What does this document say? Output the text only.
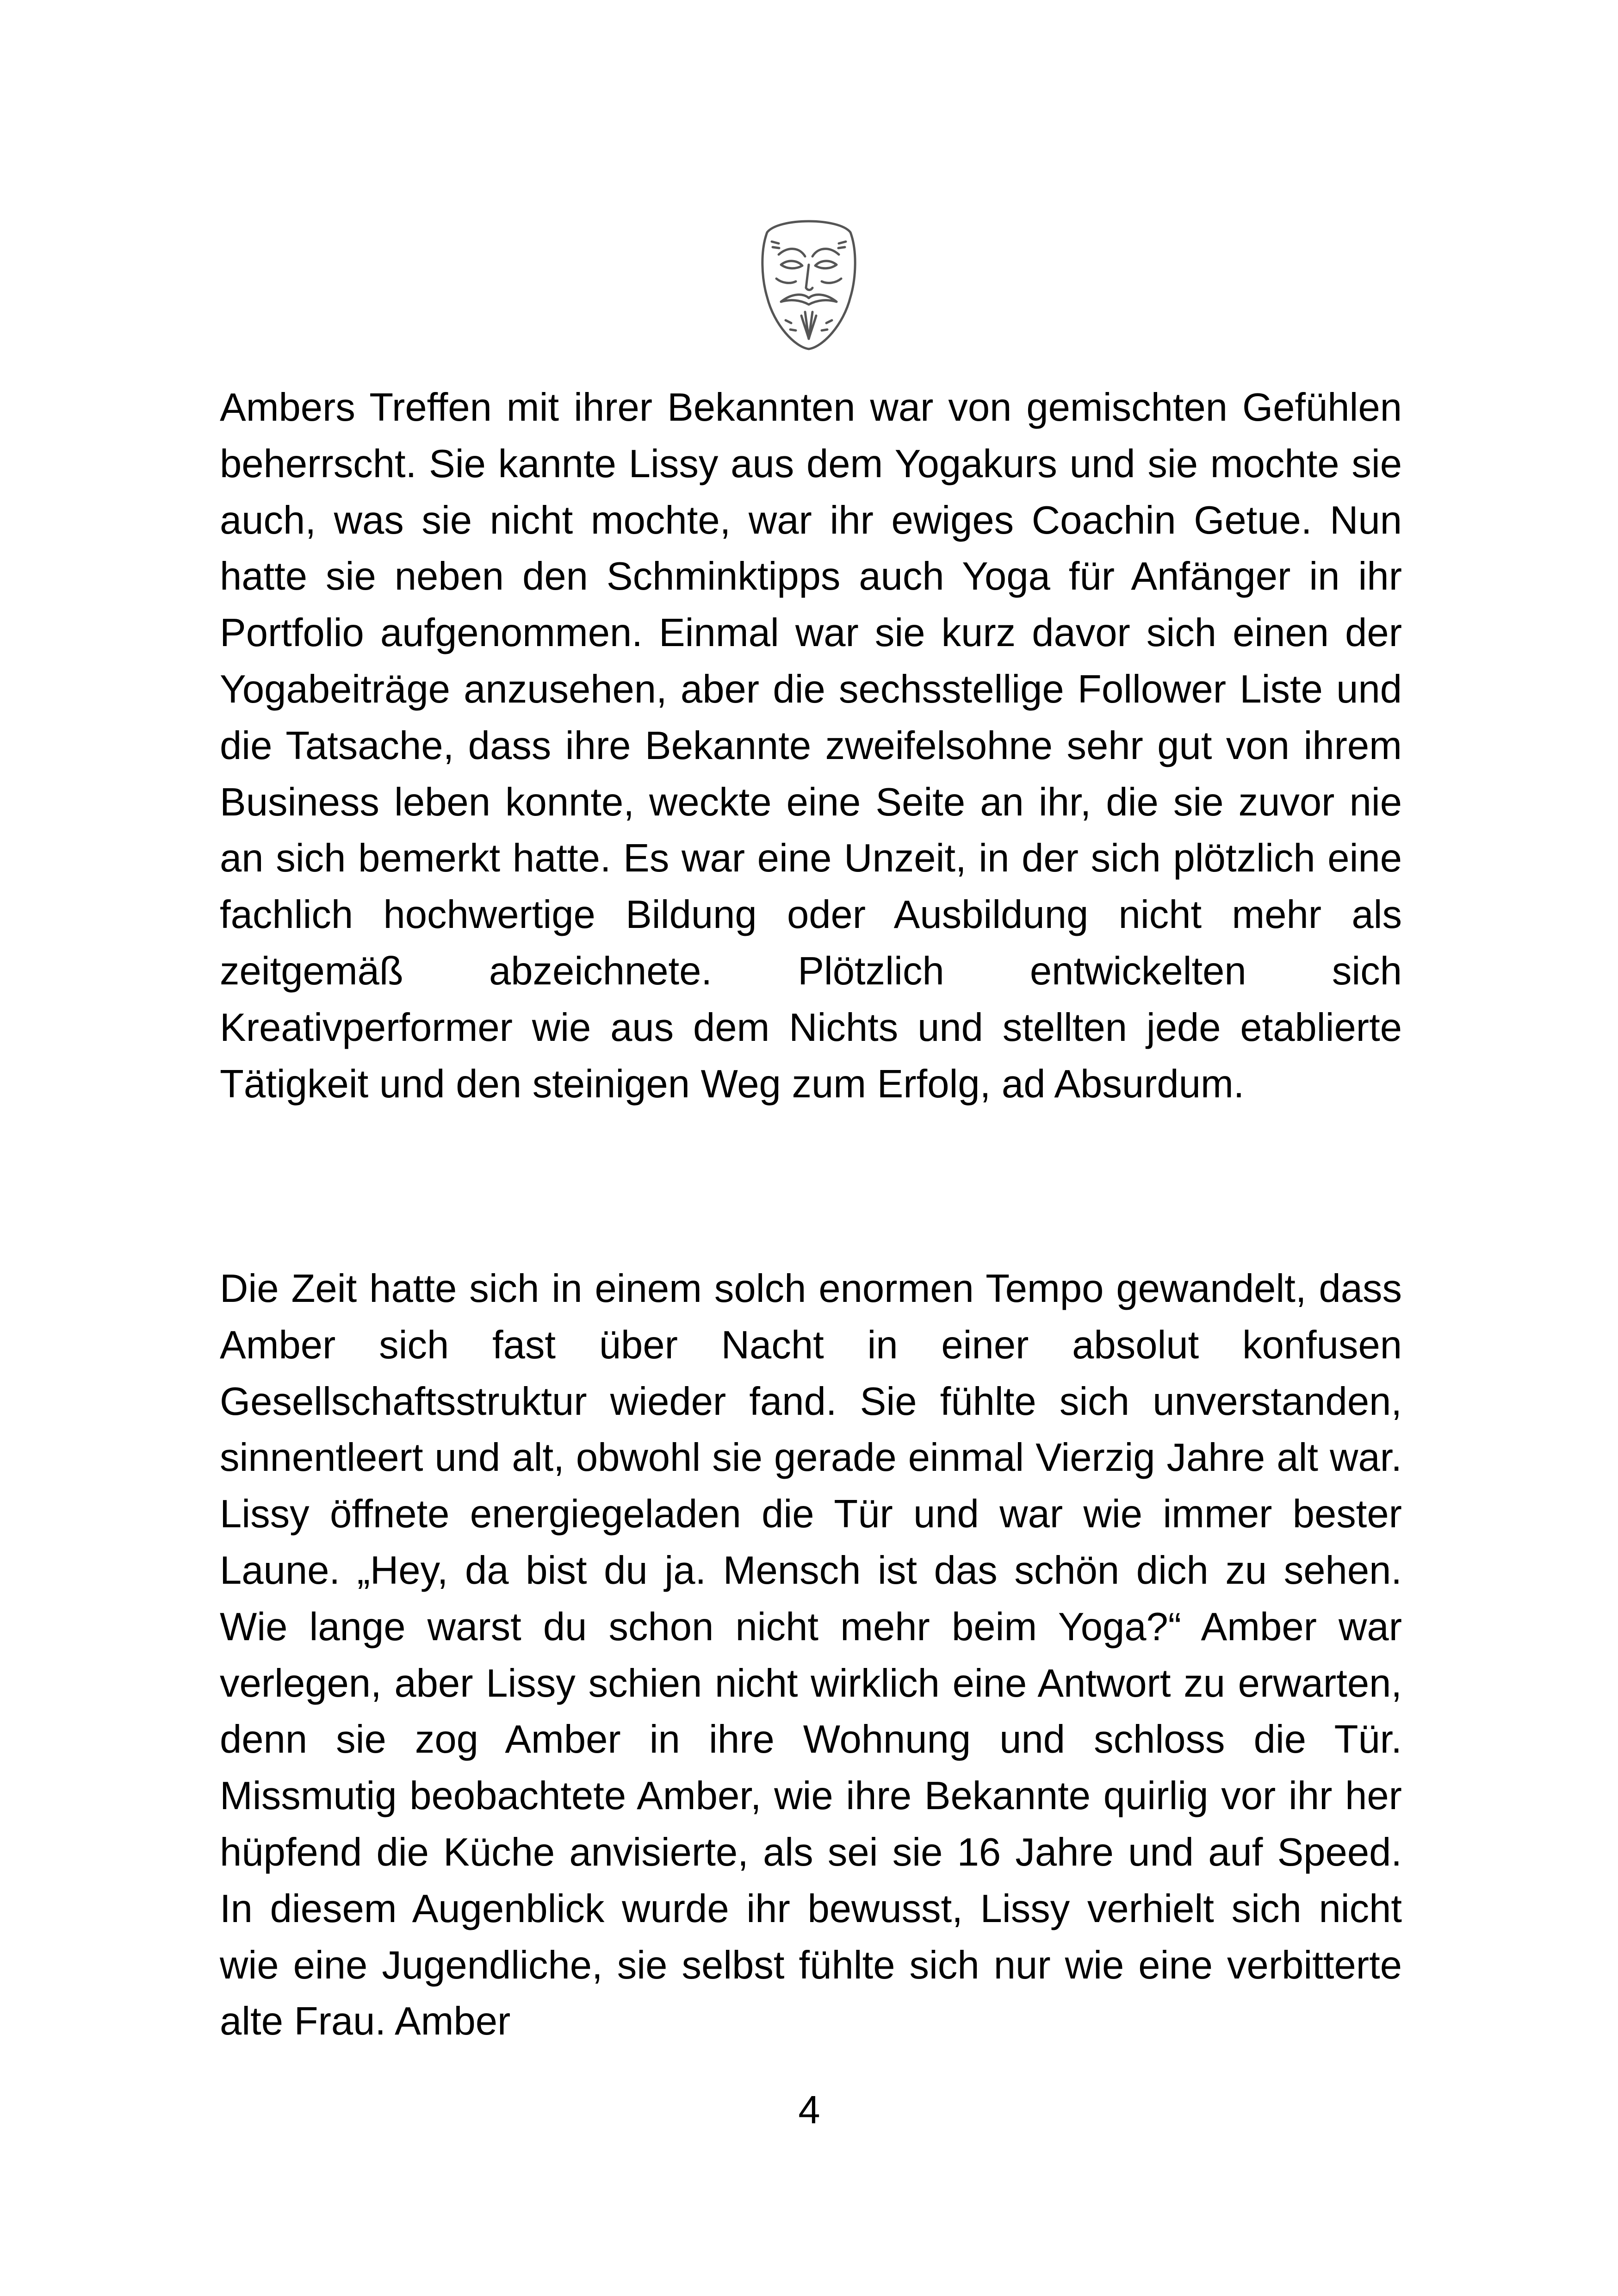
Ambers Treffen mit ihrer Bekannten war von gemischten Gefühlen beherrscht. Sie kannte Lissy aus dem Yogakurs und sie mochte sie auch, was sie nicht mochte, war ihr ewiges Coachin Getue. Nun hatte sie neben den Schminktipps auch Yoga für Anfänger in ihr Portfolio aufgenommen. Einmal war sie kurz davor sich einen der Yogabeiträge anzusehen, aber die sechsstellige Follower Liste und die Tatsache, dass ihre Bekannte zweifelsohne sehr gut von ihrem Business leben konnte, weckte eine Seite an ihr, die sie zuvor nie an sich bemerkt hatte. Es war eine Unzeit, in der sich plötzlich eine fachlich hochwertige Bildung oder Ausbildung nicht mehr als zeitgemäß abzeichnete. Plötzlich entwickelten sich Kreativperformer wie aus dem Nichts und stellten jede etablierte Tätigkeit und den steinigen Weg zum Erfolg, ad Absurdum.

Die Zeit hatte sich in einem solch enormen Tempo gewandelt, dass Amber sich fast über Nacht in einer absolut konfusen Gesellschaftsstruktur wieder fand. Sie fühlte sich unverstanden, sinnentleert und alt, obwohl sie gerade einmal Vierzig Jahre alt war. Lissy öffnete energiegeladen die Tür und war wie immer bester Laune. „Hey, da bist du ja. Mensch ist das schön dich zu sehen. Wie lange warst du schon nicht mehr beim Yoga?“ Amber war verlegen, aber Lissy schien nicht wirklich eine Antwort zu erwarten, denn sie zog Amber in ihre Wohnung und schloss die Tür. Missmutig beobachtete Amber, wie ihre Bekannte quirlig vor ihr her hüpfend die Küche anvisierte, als sei sie 16 Jahre und auf Speed. In diesem Augenblick wurde ihr bewusst, Lissy verhielt sich nicht wie eine Jugendliche, sie selbst fühlte sich nur wie eine verbitterte alte Frau. Amber

4
